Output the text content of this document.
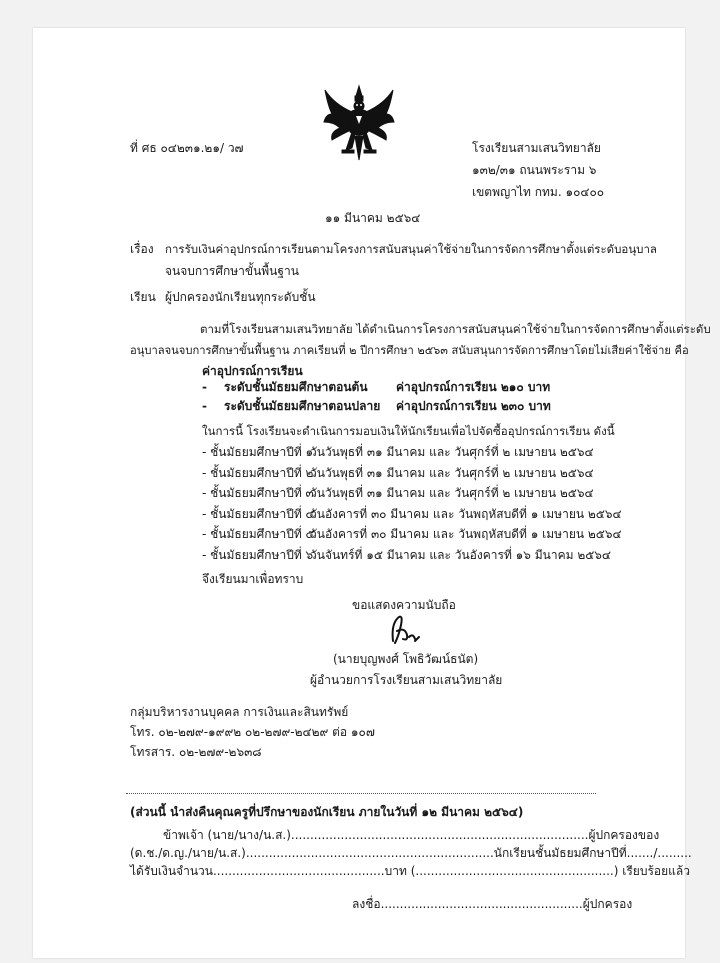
ที่ ศธ ๐๔๒๓๑.๒๑/ ว๗	โรงเรียนสามเสนวิทยาลัย
๑๓๒/๓๑ ถนนพระราม ๖
เขตพญาไท กทม. ๑๐๔๐๐
๑๑ มีนาคม ๒๕๖๔
เรื่อง การรับเงินค่าอุปกรณ์การเรียนตามโครงการสนับสนุนค่าใช้จ่ายในการจัดการศึกษาตั้งแต่ระดับอนุบาล
จนจบการศึกษาขั้นพื้นฐาน
เรียน ผู้ปกครองนักเรียนทุกระดับชั้น
ตามที่โรงเรียนสามเสนวิทยาลัย ได้ดำเนินการโครงการสนับสนุนค่าใช้จ่ายในการจัดการศึกษาตั้งแต่ระดับ
อนุบาลจนจบการศึกษาขั้นพื้นฐาน ภาคเรียนที่ ๒ ปีการศึกษา ๒๕๖๓ สนับสนุนการจัดการศึกษาโดยไม่เสียค่าใช้จ่าย คือ
ค่าอุปกรณ์การเรียน
- ระดับชั้นมัธยมศึกษาตอนต้น ค่าอุปกรณ์การเรียน ๒๑๐ บาท
- ระดับชั้นมัธยมศึกษาตอนปลาย ค่าอุปกรณ์การเรียน ๒๓๐ บาท
ในการนี้ โรงเรียนจะดำเนินการมอบเงินให้นักเรียนเพื่อไปจัดซื้ออุปกรณ์การเรียน ดังนี้
- ชั้นมัธยมศึกษาปีที่ ๑วันวันพุธที่ ๓๑ มีนาคม และ วันศุกร์ที่ ๒ เมษายน ๒๕๖๔
- ชั้นมัธยมศึกษาปีที่ ๒วันวันพุธที่ ๓๑ มีนาคม และ วันศุกร์ที่ ๒ เมษายน ๒๕๖๔
- ชั้นมัธยมศึกษาปีที่ ๓วันวันพุธที่ ๓๑ มีนาคม และ วันศุกร์ที่ ๒ เมษายน ๒๕๖๔
- ชั้นมัธยมศึกษาปีที่ ๔วันอังคารที่ ๓๐ มีนาคม และ วันพฤหัสบดีที่ ๑ เมษายน ๒๕๖๔
- ชั้นมัธยมศึกษาปีที่ ๕วันอังคารที่ ๓๐ มีนาคม และ วันพฤหัสบดีที่ ๑ เมษายน ๒๕๖๔
- ชั้นมัธยมศึกษาปีที่ ๖วันจันทร์ที่ ๑๕ มีนาคม และ วันอังคารที่ ๑๖ มีนาคม ๒๕๖๔
จึงเรียนมาเพื่อทราบ
ขอแสดงความนับถือ
(นายบุญพงศ์ โพธิวัฒน์ธนัต)
ผู้อำนวยการโรงเรียนสามเสนวิทยาลัย
กลุ่มบริหารงานบุคคล การเงินและสินทรัพย์
โทร. ๐๒-๒๗๙-๑๙๙๒ ๐๒-๒๗๙-๒๔๒๙ ต่อ ๑๐๗
โทรสาร. ๐๒-๒๗๙-๒๖๓๘
(ส่วนนี้ นำส่งคืนคุณครูที่ปรึกษาของนักเรียน ภายในวันที่ ๑๒ มีนาคม ๒๕๖๔)
ข้าพเจ้า (นาย/นาง/น.ส.)..............................................................................ผู้ปกครองของ
(ด.ช./ด.ญ./นาย/น.ส.).................................................................นักเรียนชั้นมัธยมศึกษาปีที่......./.........
ได้รับเงินจำนวน.............................................บาท (....................................................) เรียบร้อยแล้ว
ลงชื่อ.....................................................ผู้ปกครอง
